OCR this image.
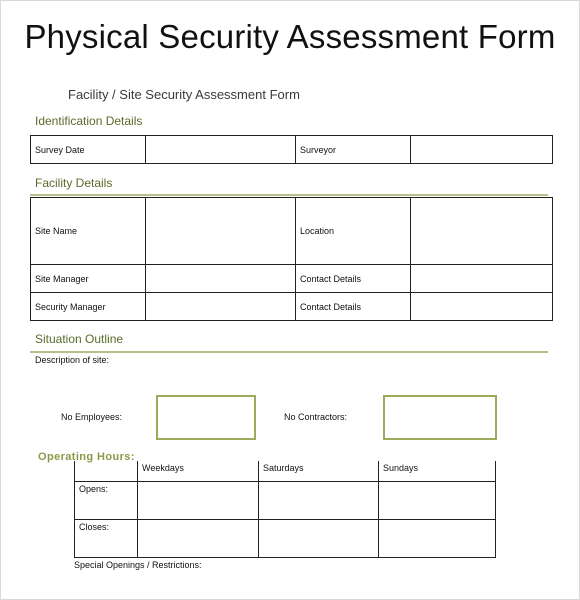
Physical Security Assessment Form
Facility / Site Security Assessment Form
Identification Details
Survey Date		Surveyor	
Facility Details
Site Name		Location	
Site Manager		Contact Details	
Security Manager		Contact Details	
Situation Outline
Description of site:
No Employees:	No Contractors:
Operating Hours:
	Weekdays	Saturdays	Sundays
Opens:			
Closes:			
Special Openings / Restrictions:
